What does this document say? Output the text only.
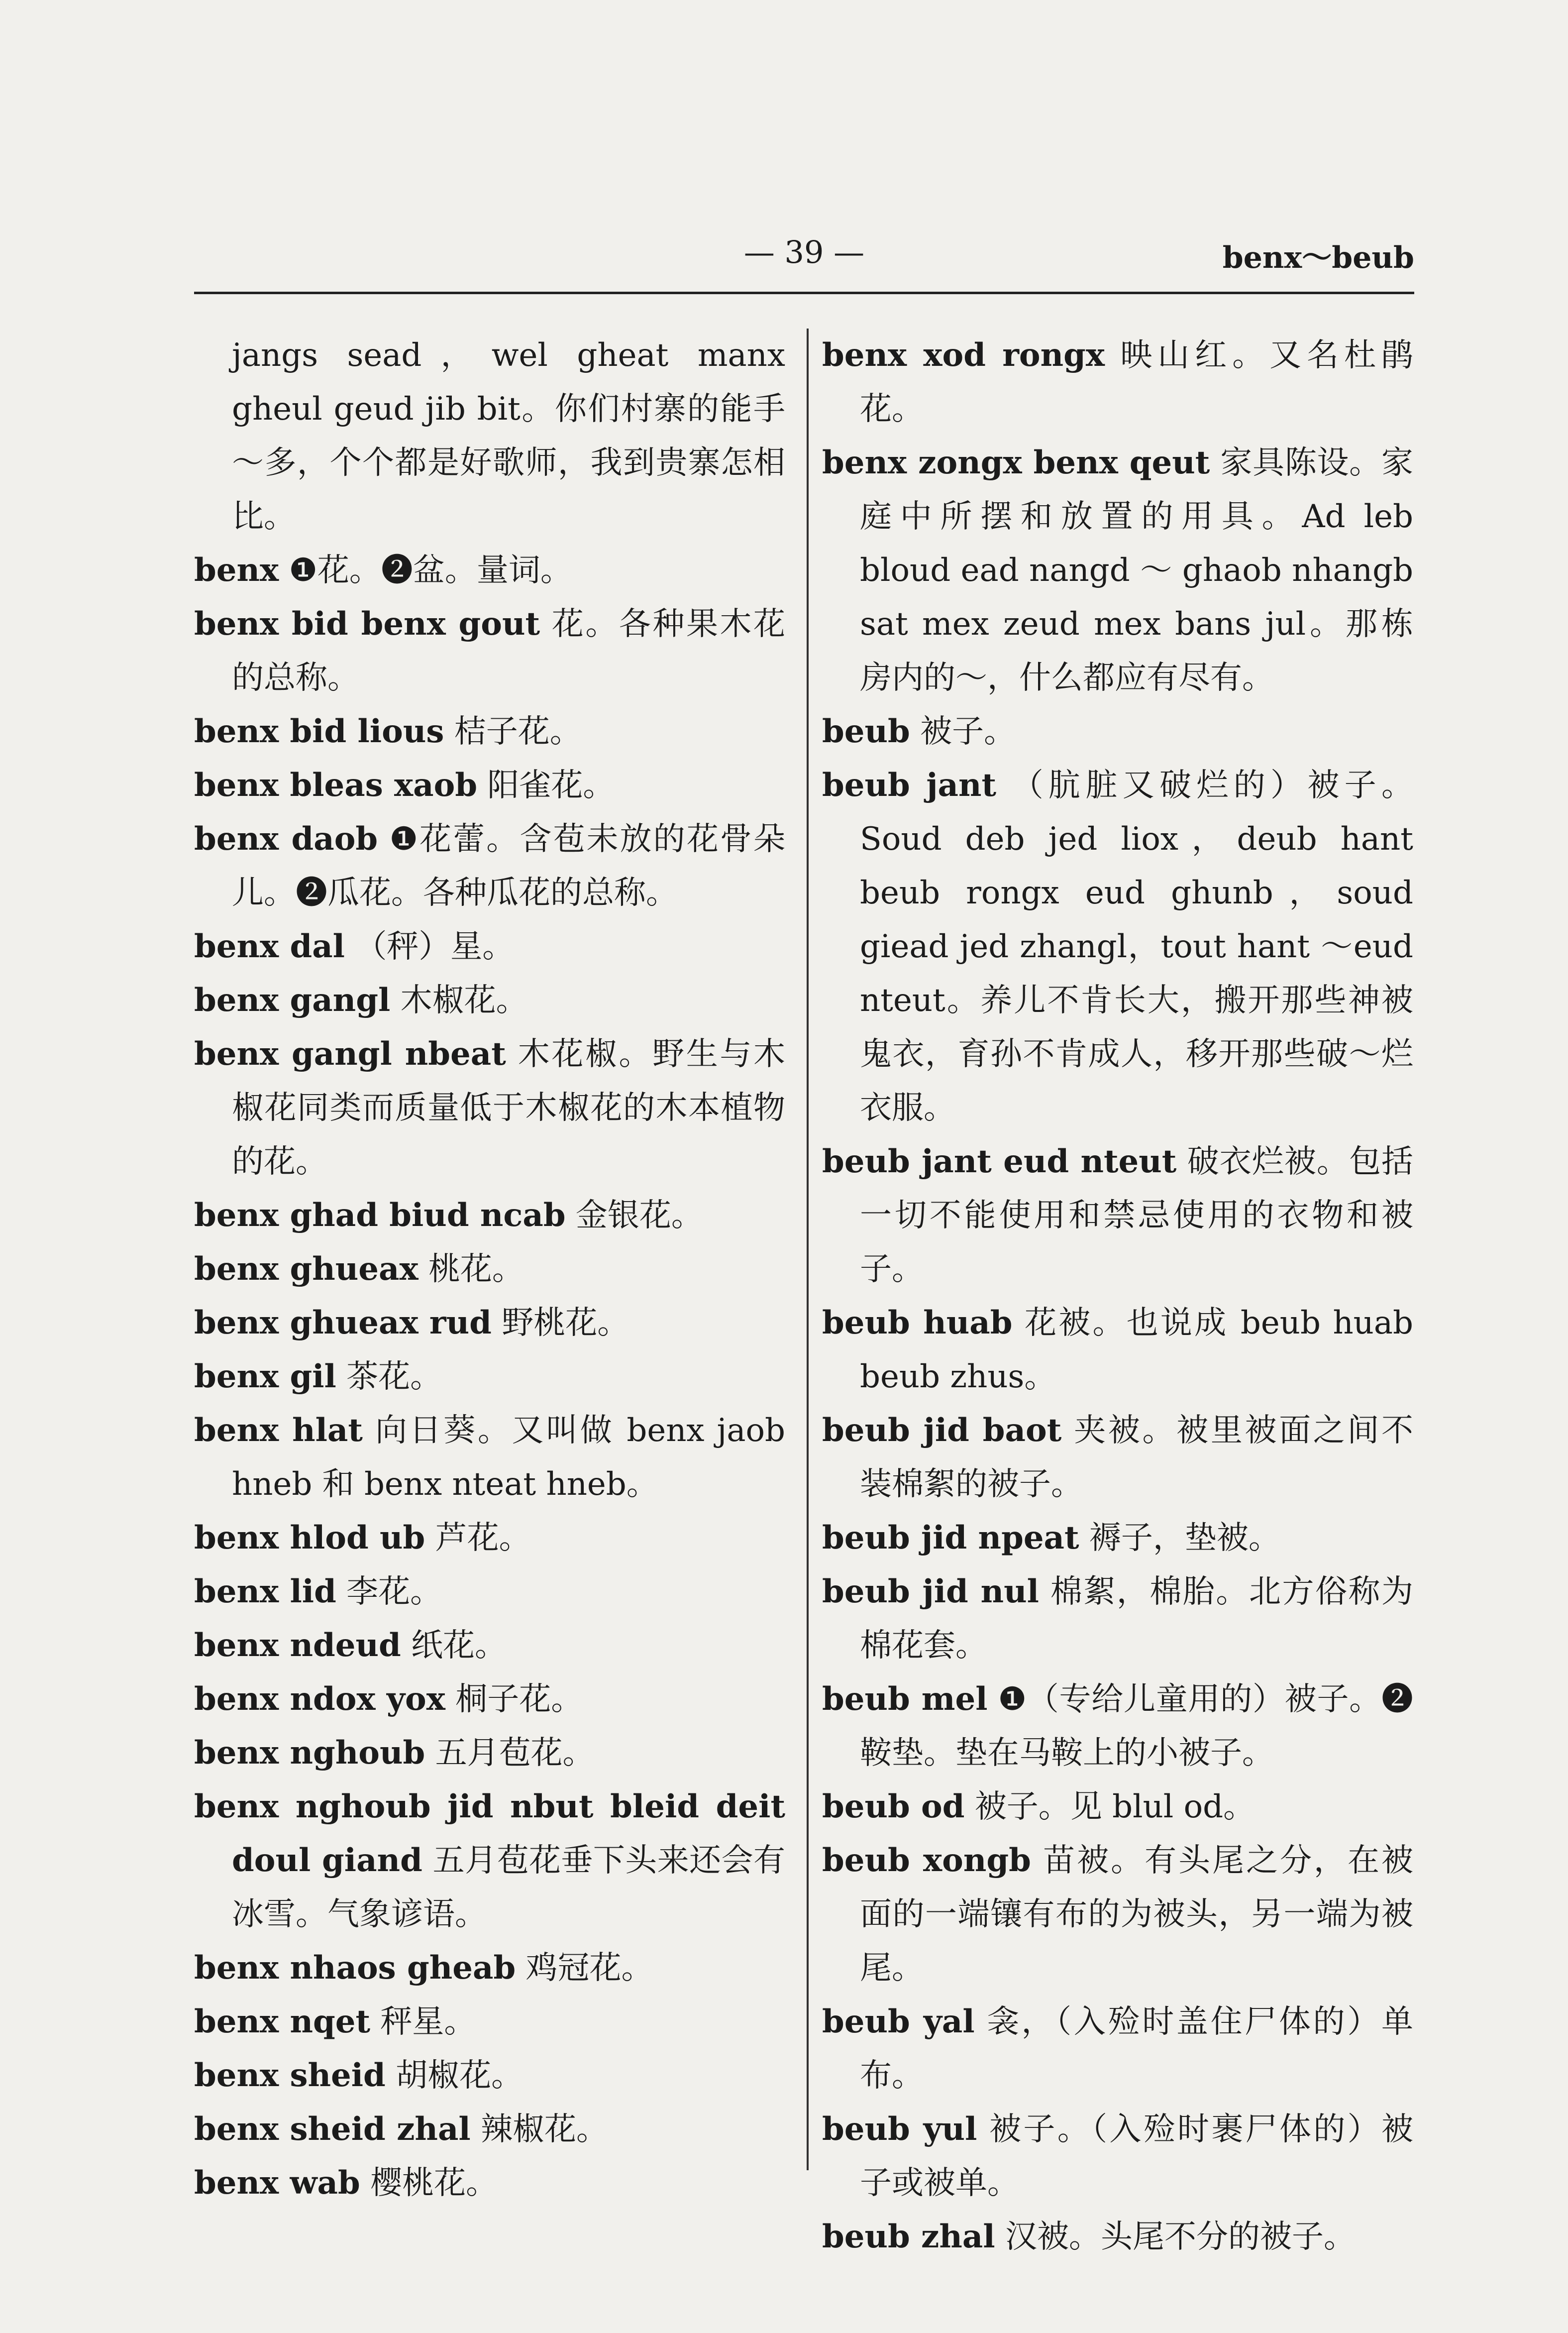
— 39 —	benx～beub

jangs sead，wel gheat manx gheul geud jib bit。你们村寨的能手～多，个个都是好歌师，我到贵寨怎相比。

benx ❶花。❷盆。量词。

benx bid benx gout 花。各种果木花的总称。

benx bid lious 桔子花。

benx bleas xaob 阳雀花。

benx daob ❶花蕾。含苞未放的花骨朵儿。❷瓜花。各种瓜花的总称。

benx dal （秤）星。

benx gangl 木椒花。

benx gangl nbeat 木花椒。野生与木椒花同类而质量低于木椒花的木本植物的花。

benx ghad biud ncab 金银花。

benx ghueax 桃花。

benx ghueax rud 野桃花。

benx gil 茶花。

benx hlat 向日葵。又叫做 benx jaob hneb 和 benx nteat hneb。

benx hlod ub 芦花。

benx lid 李花。

benx ndeud 纸花。

benx ndox yox 桐子花。

benx nghoub 五月苞花。

benx nghoub jid nbut bleid deit doul giand 五月苞花垂下头来还会有冰雪。气象谚语。

benx nhaos gheab 鸡冠花。

benx nqet 秤星。

benx sheid 胡椒花。

benx sheid zhal 辣椒花。

benx wab 樱桃花。

benx xod rongx 映山红。又名杜鹃花。

benx zongx benx qeut 家具陈设。家庭中所摆和放置的用具。Ad leb bloud ead nangd ～ ghaob nhangb sat mex zeud mex bans jul。那栋房内的～，什么都应有尽有。

beub 被子。

beub jant （肮脏又破烂的）被子。Soud deb jed liox，deub hant beub rongx eud ghunb，soud giead jed zhangl，tout hant ～eud nteut。养儿不肯长大，搬开那些神被鬼衣，育孙不肯成人，移开那些破～烂衣服。

beub jant eud nteut 破衣烂被。包括一切不能使用和禁忌使用的衣物和被子。

beub huab 花被。也说成 beub huab beub zhus。

beub jid baot 夹被。被里被面之间不装棉絮的被子。

beub jid npeat 褥子，垫被。

beub jid nul 棉絮，棉胎。北方俗称为棉花套。

beub mel ❶（专给儿童用的）被子。❷鞍垫。垫在马鞍上的小被子。

beub od 被子。见 blul od。

beub xongb 苗被。有头尾之分，在被面的一端镶有布的为被头，另一端为被尾。

beub yal 衾，（入殓时盖住尸体的）单布。

beub yul 被子。（入殓时裹尸体的）被子或被单。

beub zhal 汉被。头尾不分的被子。
